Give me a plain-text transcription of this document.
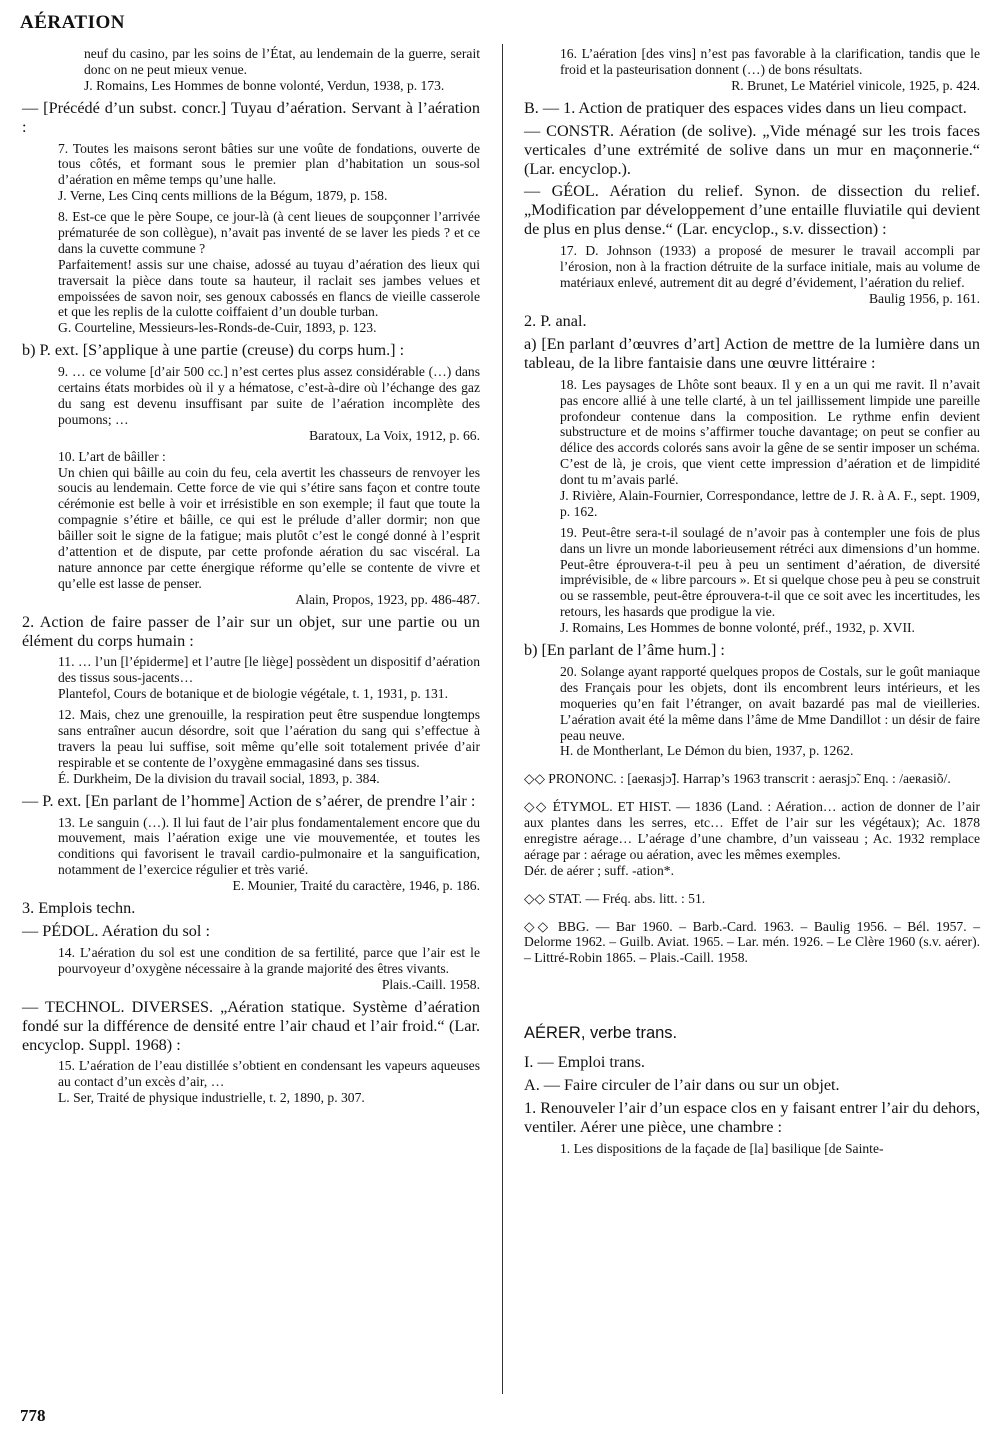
AÉRATION
neuf du casino, par les soins de l’État, au lendemain de la guerre, serait donc on ne peut mieux venue.
J. Romains, Les Hommes de bonne volonté, Verdun, 1938, p. 173.

— [Précédé d’un subst. concr.] Tuyau d’aération. Servant à l’aération :

7. Toutes les maisons seront bâties sur une voûte de fondations, ouverte de tous côtés, et formant sous le premier plan d’habitation un sous-sol d’aération en même temps qu’une halle.
J. Verne, Les Cinq cents millions de la Bégum, 1879, p. 158.
8. Est-ce que le père Soupe, ce jour-là (à cent lieues de soupçonner l’arrivée prématurée de son collègue), n’avait pas inventé de se laver les pieds ? et ce dans la cuvette commune ?
Parfaitement! assis sur une chaise, adossé au tuyau d’aération des lieux qui traversait la pièce dans toute sa hauteur, il raclait ses jambes velues et empoissées de savon noir, ses genoux cabossés en flancs de vieille casserole et que les replis de la culotte coiffaient d’un double turban.
G. Courteline, Messieurs-les-Ronds-de-Cuir, 1893, p. 123.

b) P. ext. [S’applique à une partie (creuse) du corps hum.] :

9. … ce volume [d’air 500 cc.] n’est certes plus assez considérable (…) dans certains états morbides où il y a hématose, c’est-à-dire où l’échange des gaz du sang est devenu insuffisant par suite de l’aération incomplète des poumons; …
Baratoux, La Voix, 1912, p. 66.
10. L’art de bâiller :
Un chien qui bâille au coin du feu, cela avertit les chasseurs de renvoyer les soucis au lendemain. Cette force de vie qui s’étire sans façon et contre toute cérémonie est belle à voir et irrésistible en son exemple; il faut que toute la compagnie s’étire et bâille, ce qui est le prélude d’aller dormir; non que bâiller soit le signe de la fatigue; mais plutôt c’est le congé donné à l’esprit d’attention et de dispute, par cette profonde aération du sac viscéral. La nature annonce par cette énergique réforme qu’elle se contente de vivre et qu’elle est lasse de penser.
Alain, Propos, 1923, pp. 486-487.

2. Action de faire passer de l’air sur un objet, sur une partie ou un élément du corps humain :

11. … l’un [l’épiderme] et l’autre [le liège] possèdent un dispositif d’aération des tissus sous-jacents…
Plantefol, Cours de botanique et de biologie végétale, t. 1, 1931, p. 131.
12. Mais, chez une grenouille, la respiration peut être suspendue longtemps sans entraîner aucun désordre, soit que l’aération du sang qui s’effectue à travers la peau lui suffise, soit même qu’elle soit totalement privée d’air respirable et se contente de l’oxygène emmagasiné dans ses tissus.
É. Durkheim, De la division du travail social, 1893, p. 384.

— P. ext. [En parlant de l’homme] Action de s’aérer, de prendre l’air :

13. Le sanguin (…). Il lui faut de l’air plus fondamentalement encore que du mouvement, mais l’aération exige une vie mouvementée, et toutes les conditions qui favorisent le travail cardio-pulmonaire et la sanguification, notamment de l’exercice régulier et très varié.
E. Mounier, Traité du caractère, 1946, p. 186.

3. Emplois techn.

— PÉDOL. Aération du sol :

14. L’aération du sol est une condition de sa fertilité, parce que l’air est le pourvoyeur d’oxygène nécessaire à la grande majorité des êtres vivants.
Plais.-Caill. 1958.

— TECHNOL. DIVERSES. „Aération statique. Système d’aération fondé sur la différence de densité entre l’air chaud et l’air froid.“ (Lar. encyclop. Suppl. 1968) :

15. L’aération de l’eau distillée s’obtient en condensant les vapeurs aqueuses au contact d’un excès d’air, …
L. Ser, Traité de physique industrielle, t. 2, 1890, p. 307.
16. L’aération [des vins] n’est pas favorable à la clarification, tandis que le froid et la pasteurisation donnent (…) de bons résultats.
R. Brunet, Le Matériel vinicole, 1925, p. 424.

B. — 1. Action de pratiquer des espaces vides dans un lieu compact.

— CONSTR. Aération (de solive). „Vide ménagé sur les trois faces verticales d’une extrémité de solive dans un mur en maçonnerie.“ (Lar. encyclop.).

— GÉOL. Aération du relief. Synon. de dissection du relief. „Modification par développement d’une entaille fluviatile qui devient de plus en plus dense.“ (Lar. encyclop., s.v. dissection) :

17. D. Johnson (1933) a proposé de mesurer le travail accompli par l’érosion, non à la fraction détruite de la surface initiale, mais au volume de matériaux enlevé, autrement dit au degré d’évidement, l’aération du relief.
Baulig 1956, p. 161.

2. P. anal.

a) [En parlant d’œuvres d’art] Action de mettre de la lumière dans un tableau, de la libre fantaisie dans une œuvre littéraire :

18. Les paysages de Lhôte sont beaux. Il y en a un qui me ravit. Il n’avait pas encore allié à une telle clarté, à un tel jaillissement limpide une pareille profondeur contenue dans la composition. Le rythme enfin devient substructure et de moins s’affirmer touche davantage; on peut se confier au délice des accords colorés sans avoir la gêne de se sentir imposer un schéma. C’est de là, je crois, que vient cette impression d’aération et de limpidité dont tu m’avais parlé.
J. Rivière, Alain-Fournier, Correspondance, lettre de J. R. à A. F., sept. 1909, p. 162.
19. Peut-être sera-t-il soulagé de n’avoir pas à contempler une fois de plus dans un livre un monde laborieusement rétréci aux dimensions d’un homme. Peut-être éprouvera-t-il peu à peu un sentiment d’aération, de diversité imprévisible, de « libre parcours ». Et si quelque chose peu à peu se construit ou se rassemble, peut-être éprouvera-t-il que ce soit avec les incertitudes, les retours, les hasards que prodigue la vie.
J. Romains, Les Hommes de bonne volonté, préf., 1932, p. XVII.

b) [En parlant de l’âme hum.] :

20. Solange ayant rapporté quelques propos de Costals, sur le goût maniaque des Français pour les objets, dont ils encombrent leurs intérieurs, et les moqueries qu’en fait l’étranger, on avait bazardé pas mal de vieilleries. L’aération avait été la même dans l’âme de Mme Dandillot : un désir de faire peau neuve.
H. de Montherlant, Le Démon du bien, 1937, p. 1262.

◇◇ PRONONC. : [aeʀasjɔ̃]. Harrap’s 1963 transcrit : aerasjɔ̃. Enq. : /aeʀasiõ/.

◇◇ ÉTYMOL. ET HIST. — 1836 (Land. : Aération… action de donner de l’air aux plantes dans les serres, etc… Effet de l’air sur les végétaux); Ac. 1878 enregistre aérage… L’aérage d’une chambre, d’un vaisseau ; Ac. 1932 remplace aérage par : aérage ou aération, avec les mêmes exemples.
Dér. de aérer ; suff. -ation*.

◇◇ STAT. — Fréq. abs. litt. : 51.

◇◇ BBG. — Bar 1960. – Barb.-Card. 1963. – Baulig 1956. – Bél. 1957. – Delorme 1962. – Guilb. Aviat. 1965. – Lar. mén. 1926. – Le Clère 1960 (s.v. aérer). – Littré-Robin 1865. – Plais.-Caill. 1958.

AÉRER, verbe trans.

I. — Emploi trans.

A. — Faire circuler de l’air dans ou sur un objet.

1. Renouveler l’air d’un espace clos en y faisant entrer l’air du dehors, ventiler. Aérer une pièce, une chambre :

1. Les dispositions de la façade de [la] basilique [de Sainte-
778
